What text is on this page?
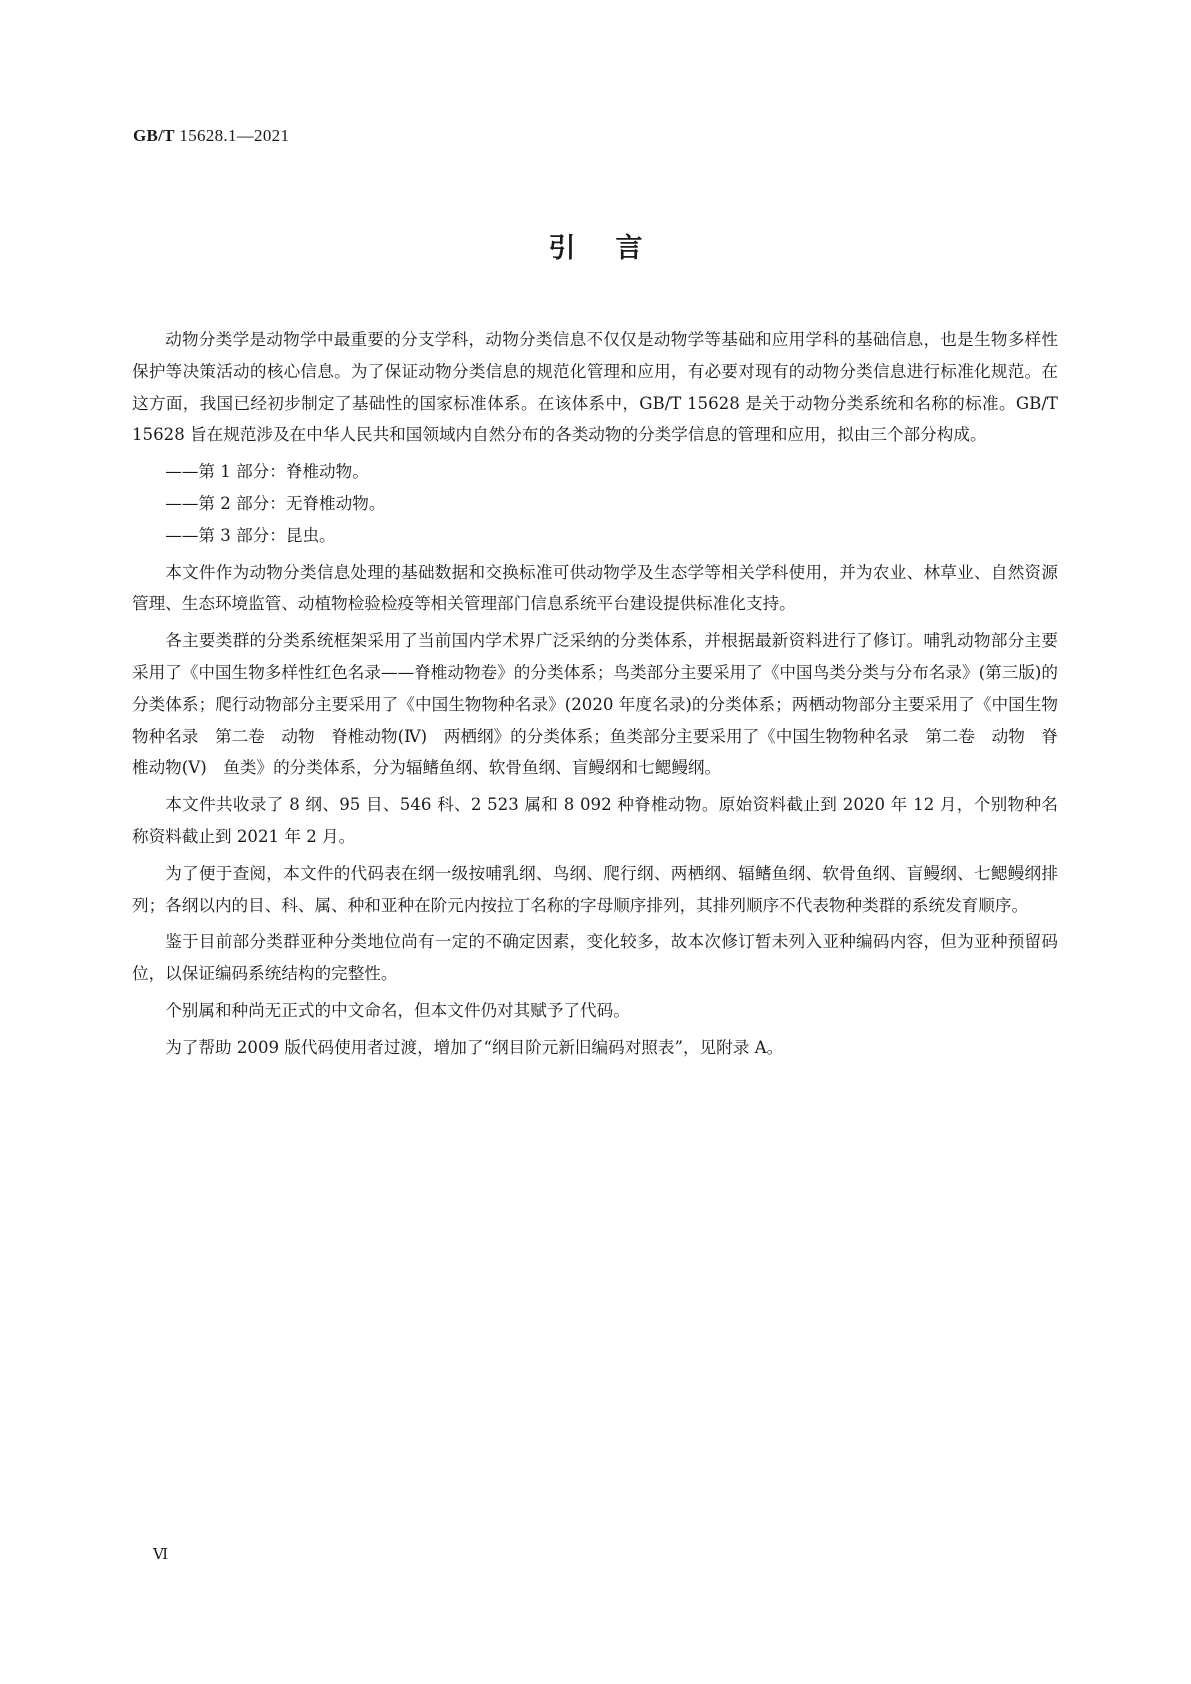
GB/T 15628.1—2021
引言

动物分类学是动物学中最重要的分支学科，动物分类信息不仅仅是动物学等基础和应用学科的基础信息，也是生物多样性保护等决策活动的核心信息。为了保证动物分类信息的规范化管理和应用，有必要对现有的动物分类信息进行标准化规范。在这方面，我国已经初步制定了基础性的国家标准体系。在该体系中，GB/T 15628 是关于动物分类系统和名称的标准。GB/T 15628 旨在规范涉及在中华人民共和国领域内自然分布的各类动物的分类学信息的管理和应用，拟由三个部分构成。

——第 1 部分：脊椎动物。

——第 2 部分：无脊椎动物。

——第 3 部分：昆虫。

本文件作为动物分类信息处理的基础数据和交换标准可供动物学及生态学等相关学科使用，并为农业、林草业、自然资源管理、生态环境监管、动植物检验检疫等相关管理部门信息系统平台建设提供标准化支持。

各主要类群的分类系统框架采用了当前国内学术界广泛采纳的分类体系，并根据最新资料进行了修订。哺乳动物部分主要采用了《中国生物多样性红色名录——脊椎动物卷》的分类体系；鸟类部分主要采用了《中国鸟类分类与分布名录》(第三版)的分类体系；爬行动物部分主要采用了《中国生物物种名录》(2020 年度名录)的分类体系；两栖动物部分主要采用了《中国生物物种名录　第二卷　动物　脊椎动物(Ⅳ)　两栖纲》的分类体系；鱼类部分主要采用了《中国生物物种名录　第二卷　动物　脊椎动物(Ⅴ)　鱼类》的分类体系，分为辐鳍鱼纲、软骨鱼纲、盲鳗纲和七鳃鳗纲。

本文件共收录了 8 纲、95 目、546 科、2 523 属和 8 092 种脊椎动物。原始资料截止到 2020 年 12 月，个别物种名称资料截止到 2021 年 2 月。

为了便于查阅，本文件的代码表在纲一级按哺乳纲、鸟纲、爬行纲、两栖纲、辐鳍鱼纲、软骨鱼纲、盲鳗纲、七鳃鳗纲排列；各纲以内的目、科、属、种和亚种在阶元内按拉丁名称的字母顺序排列，其排列顺序不代表物种类群的系统发育顺序。

鉴于目前部分类群亚种分类地位尚有一定的不确定因素，变化较多，故本次修订暂未列入亚种编码内容，但为亚种预留码位，以保证编码系统结构的完整性。

个别属和种尚无正式的中文命名，但本文件仍对其赋予了代码。

为了帮助 2009 版代码使用者过渡，增加了“纲目阶元新旧编码对照表”，见附录 A。

Ⅵ
